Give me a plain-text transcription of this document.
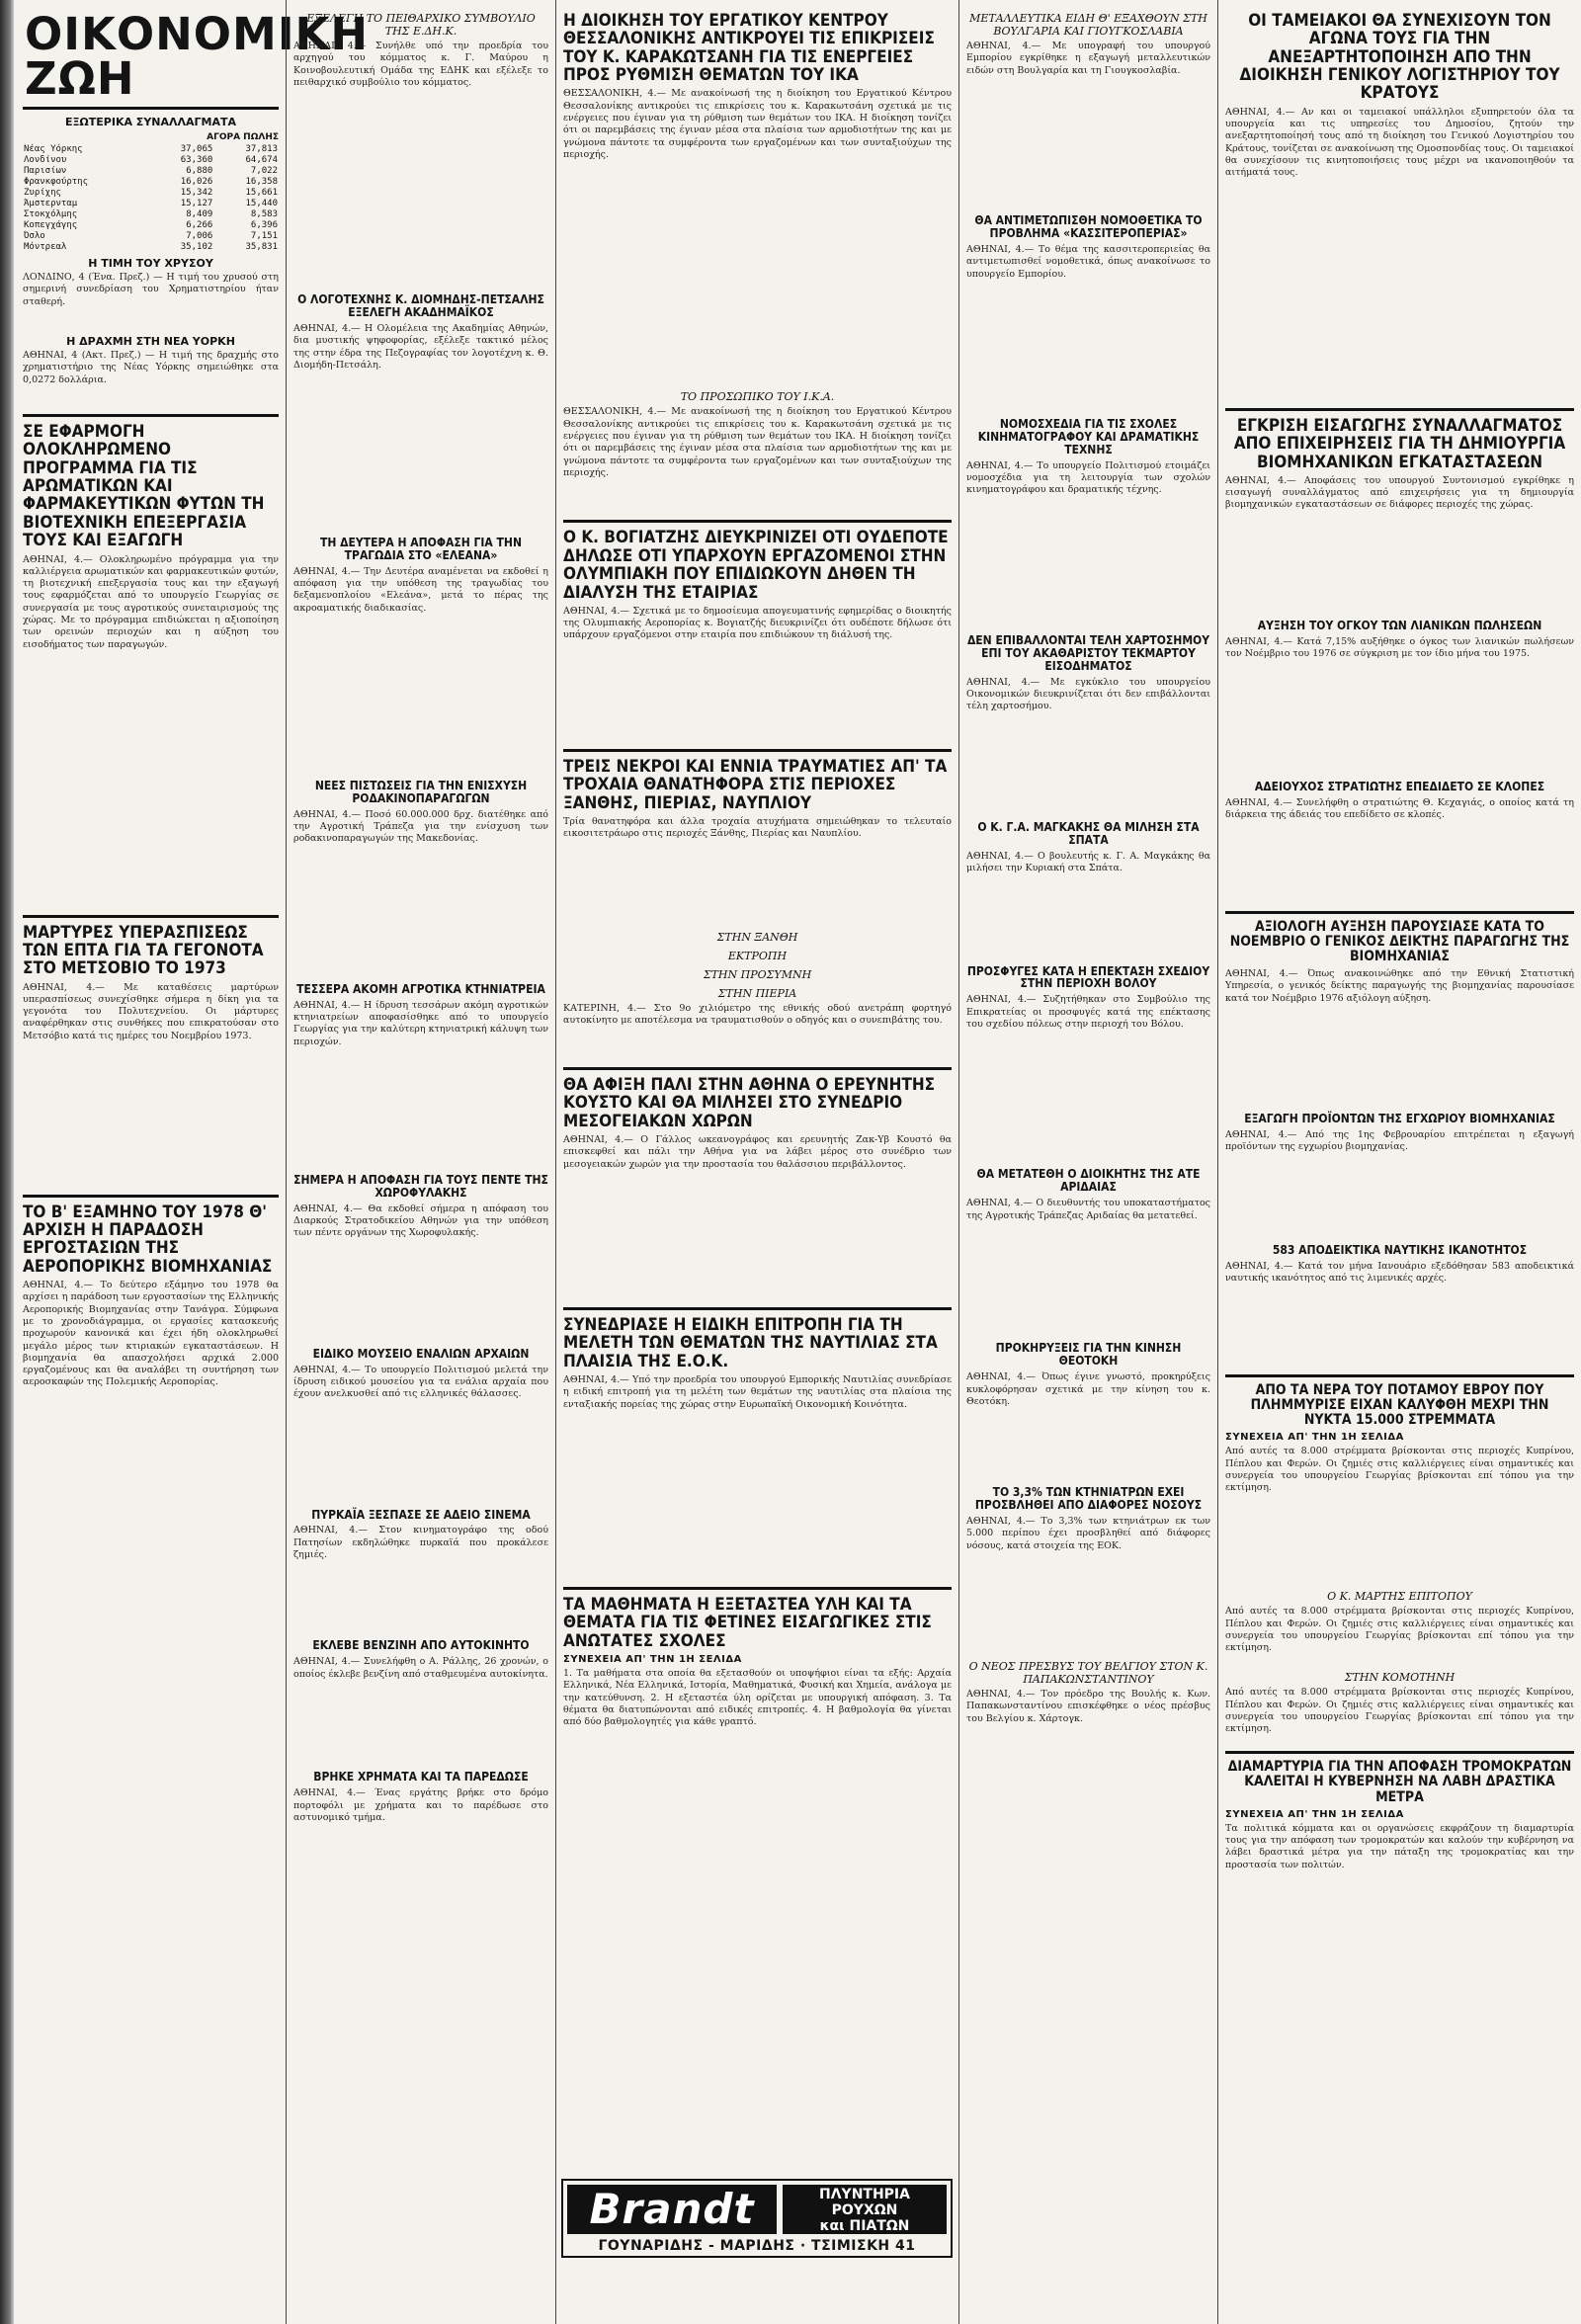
ΟΙΚΟΝΟΜΙΚΗ ΖΩΗ
ΕΞΩΤΕΡΙΚΑ ΣΥΝΑΛΛΑΓΜΑΤΑ
ΑΓΟΡΑ ΠΩΛΗΣ
Νέας Υόρκης	37,065	37,813
Λονδίνου	63,360	64,674
Παρισίων	6,880	7,022
Φρανκφούρτης	16,026	16,358
Ζυρίχης	15,342	15,661
Άμστερνταμ	15,127	15,440
Στοκχόλμης	8,409	8,583
Κοπεγχάγης	6,266	6,396
Όσλο	7,006	7,151
Μόντρεαλ	35,102	35,831
Η ΤΙΜΗ ΤΟΥ ΧΡΥΣΟΥ

ΛΟΝΔΙΝΟ, 4 (Ένα. Πρεζ.) — Η τιμή του χρυσού στη σημερινή συνεδρίαση του Χρηματιστηρίου ήταν σταθερή.

Η ΔΡΑΧΜΗ ΣΤΗ ΝΕΑ ΥΟΡΚΗ

ΑΘΗΝΑΙ, 4 (Ακτ. Πρεζ.) — Η τιμή της δραχμής στο χρηματιστήριο της Νέας Υόρκης σημειώθηκε στα 0,0272 δολλάρια.

ΣΕ ΕΦΑΡΜΟΓΗ ΟΛΟΚΛΗΡΩΜΕΝΟ ΠΡΟΓΡΑΜΜΑ ΓΙΑ ΤΙΣ ΑΡΩΜΑΤΙΚΩΝ ΚΑΙ ΦΑΡΜΑΚΕΥΤΙΚΩΝ ΦΥΤΩΝ ΤΗ ΒΙΟΤΕΧΝΙΚΗ ΕΠΕΞΕΡΓΑΣΙΑ ΤΟΥΣ ΚΑΙ ΕΞΑΓΩΓΗ

ΑΘΗΝΑΙ, 4.— Ολοκληρωμένο πρόγραμμα για την καλλιέργεια αρωματικών και φαρμακευτικών φυτών, τη βιοτεχνική επεξεργασία τους και την εξαγωγή τους εφαρμόζεται από το υπουργείο Γεωργίας σε συνεργασία με τους αγροτικούς συνεταιρισμούς της χώρας. Με το πρόγραμμα επιδιώκεται η αξιοποίηση των ορεινών περιοχών και η αύξηση του εισοδήματος των παραγωγών.

ΜΑΡΤΥΡΕΣ ΥΠΕΡΑΣΠΙΣΕΩΣ ΤΩΝ ΕΠΤΑ ΓΙΑ ΤΑ ΓΕΓΟΝΟΤΑ ΣΤΟ ΜΕΤΣΟΒΙΟ ΤΟ 1973

ΑΘΗΝΑΙ, 4.— Με καταθέσεις μαρτύρων υπερασπίσεως συνεχίσθηκε σήμερα η δίκη για τα γεγονότα του Πολυτεχνείου. Οι μάρτυρες αναφέρθηκαν στις συνθήκες που επικρατούσαν στο Μετσόβιο κατά τις ημέρες του Νοεμβρίου 1973.

ΤΟ Β' ΕΞΑΜΗΝΟ ΤΟΥ 1978 Θ' ΑΡΧΙΣΗ Η ΠΑΡΑΔΟΣΗ ΕΡΓΟΣΤΑΣΙΩΝ ΤΗΣ ΑΕΡΟΠΟΡΙΚΗΣ ΒΙΟΜΗΧΑΝΙΑΣ

ΑΘΗΝΑΙ, 4.— Το δεύτερο εξάμηνο του 1978 θα αρχίσει η παράδοση των εργοστασίων της Ελληνικής Αεροπορικής Βιομηχανίας στην Τανάγρα. Σύμφωνα με το χρονοδιάγραμμα, οι εργασίες κατασκευής προχωρούν κανονικά και έχει ήδη ολοκληρωθεί μεγάλο μέρος των κτιριακών εγκαταστάσεων. Η βιομηχανία θα απασχολήσει αρχικά 2.000 εργαζομένους και θα αναλάβει τη συντήρηση των αεροσκαφών της Πολεμικής Αεροπορίας.

ΕΞΕΛΕΓΗ ΤΟ ΠΕΙΘΑΡΧΙΚΟ ΣΥΜΒΟΥΛΙΟ ΤΗΣ Ε.ΔΗ.Κ.

ΑΘΗΝΑΙ, 4.— Συνήλθε υπό την προεδρία του αρχηγού του κόμματος κ. Γ. Μαύρου η Κοινοβουλευτική Ομάδα της ΕΔΗΚ και εξέλεξε το πειθαρχικό συμβούλιο του κόμματος.

Ο ΛΟΓΟΤΕΧΝΗΣ Κ. ΔΙΟΜΗΔΗΣ-ΠΕΤΣΑΛΗΣ ΕΞΕΛΕΓΗ ΑΚΑΔΗΜΑΪΚΟΣ

ΑΘΗΝΑΙ, 4.— Η Ολομέλεια της Ακαδημίας Αθηνών, δια μυστικής ψηφοφορίας, εξέλεξε τακτικό μέλος της στην έδρα της Πεζογραφίας τον λογοτέχνη κ. Θ. Διομήδη-Πετσάλη.

ΤΗ ΔΕΥΤΕΡΑ Η ΑΠΟΦΑΣΗ ΓΙΑ ΤΗΝ ΤΡΑΓΩΔΙΑ ΣΤΟ «ΕΛΕΑΝΑ»

ΑΘΗΝΑΙ, 4.— Την Δευτέρα αναμένεται να εκδοθεί η απόφαση για την υπόθεση της τραγωδίας του δεξαμενοπλοίου «Ελεάνα», μετά το πέρας της ακροαματικής διαδικασίας.

ΝΕΕΣ ΠΙΣΤΩΣΕΙΣ ΓΙΑ ΤΗΝ ΕΝΙΣΧΥΣΗ ΡΟΔΑΚΙΝΟΠΑΡΑΓΩΓΩΝ

ΑΘΗΝΑΙ, 4.— Ποσό 60.000.000 δρχ. διατέθηκε από την Αγροτική Τράπεζα για την ενίσχυση των ροδακινοπαραγωγών της Μακεδονίας.

ΤΕΣΣΕΡΑ ΑΚΟΜΗ ΑΓΡΟΤΙΚΑ ΚΤΗΝΙΑΤΡΕΙΑ

ΑΘΗΝΑΙ, 4.— Η ίδρυση τεσσάρων ακόμη αγροτικών κτηνιατρείων αποφασίσθηκε από το υπουργείο Γεωργίας για την καλύτερη κτηνιατρική κάλυψη των περιοχών.

ΣΗΜΕΡΑ Η ΑΠΟΦΑΣΗ ΓΙΑ ΤΟΥΣ ΠΕΝΤΕ ΤΗΣ ΧΩΡΟΦΥΛΑΚΗΣ

ΑΘΗΝΑΙ, 4.— Θα εκδοθεί σήμερα η απόφαση του Διαρκούς Στρατοδικείου Αθηνών για την υπόθεση των πέντε οργάνων της Χωροφυλακής.

ΕΙΔΙΚΟ ΜΟΥΣΕΙΟ ΕΝΑΛΙΩΝ ΑΡΧΑΙΩΝ

ΑΘΗΝΑΙ, 4.— Το υπουργείο Πολιτισμού μελετά την ίδρυση ειδικού μουσείου για τα ενάλια αρχαία που έχουν ανελκυσθεί από τις ελληνικές θάλασσες.

ΠΥΡΚΑΪΑ ΞΕΣΠΑΣΕ ΣΕ ΑΔΕΙΟ ΣΙΝΕΜΑ

ΑΘΗΝΑΙ, 4.— Στον κινηματογράφο της οδού Πατησίων εκδηλώθηκε πυρκαϊά που προκάλεσε ζημιές.

ΕΚΛΕΒΕ ΒΕΝΖΙΝΗ ΑΠΟ ΑΥΤΟΚΙΝΗΤΟ

ΑΘΗΝΑΙ, 4.— Συνελήφθη ο Α. Ράλλης, 26 χρονών, ο οποίος έκλεβε βενζίνη από σταθμευμένα αυτοκίνητα.

ΒΡΗΚΕ ΧΡΗΜΑΤΑ ΚΑΙ ΤΑ ΠΑΡΕΔΩΣΕ

ΑΘΗΝΑΙ, 4.— Ένας εργάτης βρήκε στο δρόμο πορτοφόλι με χρήματα και το παρέδωσε στο αστυνομικό τμήμα.

Η ΔΙΟΙΚΗΣΗ ΤΟΥ ΕΡΓΑΤΙΚΟΥ ΚΕΝΤΡΟΥ ΘΕΣΣΑΛΟΝΙΚΗΣ ΑΝΤΙΚΡΟΥΕΙ ΤΙΣ ΕΠΙΚΡΙΣΕΙΣ ΤΟΥ Κ. ΚΑΡΑΚΩΤΣΑΝΗ ΓΙΑ ΤΙΣ ΕΝΕΡΓΕΙΕΣ ΠΡΟΣ ΡΥΘΜΙΣΗ ΘΕΜΑΤΩΝ ΤΟΥ ΙΚΑ

ΘΕΣΣΑΛΟΝΙΚΗ, 4.— Με ανακοίνωσή της η διοίκηση του Εργατικού Κέντρου Θεσσαλονίκης αντικρούει τις επικρίσεις του κ. Καρακωτσάνη σχετικά με τις ενέργειες που έγιναν για τη ρύθμιση των θεμάτων του ΙΚΑ. Η διοίκηση τονίζει ότι οι παρεμβάσεις της έγιναν μέσα στα πλαίσια των αρμοδιοτήτων της και με γνώμονα πάντοτε τα συμφέροντα των εργαζομένων και των συνταξιούχων της περιοχής.

ΤΟ ΠΡΟΣΩΠΙΚΟ ΤΟΥ Ι.Κ.Α.

ΘΕΣΣΑΛΟΝΙΚΗ, 4.— Με ανακοίνωσή της η διοίκηση του Εργατικού Κέντρου Θεσσαλονίκης αντικρούει τις επικρίσεις του κ. Καρακωτσάνη σχετικά με τις ενέργειες που έγιναν για τη ρύθμιση των θεμάτων του ΙΚΑ. Η διοίκηση τονίζει ότι οι παρεμβάσεις της έγιναν μέσα στα πλαίσια των αρμοδιοτήτων της και με γνώμονα πάντοτε τα συμφέροντα των εργαζομένων και των συνταξιούχων της περιοχής.

Ο Κ. ΒΟΓΙΑΤΖΗΣ ΔΙΕΥΚΡΙΝΙΖΕΙ ΟΤΙ ΟΥΔΕΠΟΤΕ ΔΗΛΩΣΕ ΟΤΙ ΥΠΑΡΧΟΥΝ ΕΡΓΑΖΟΜΕΝΟΙ ΣΤΗΝ ΟΛΥΜΠΙΑΚΗ ΠΟΥ ΕΠΙΔΙΩΚΟΥΝ ΔΗΘΕΝ ΤΗ ΔΙΑΛΥΣΗ ΤΗΣ ΕΤΑΙΡΙΑΣ

ΑΘΗΝΑΙ, 4.— Σχετικά με το δημοσίευμα απογευματινής εφημερίδας ο διοικητής της Ολυμπιακής Αεροπορίας κ. Βογιατζής διευκρινίζει ότι ουδέποτε δήλωσε ότι υπάρχουν εργαζόμενοι στην εταιρία που επιδιώκουν τη διάλυσή της.

ΤΡΕΙΣ ΝΕΚΡΟΙ ΚΑΙ ΕΝΝΙΑ ΤΡΑΥΜΑΤΙΕΣ ΑΠ' ΤΑ ΤΡΟΧΑΙΑ ΘΑΝΑΤΗΦΟΡΑ ΣΤΙΣ ΠΕΡΙΟΧΕΣ ΞΑΝΘΗΣ, ΠΙΕΡΙΑΣ, ΝΑΥΠΛΙΟΥ

Τρία θανατηφόρα και άλλα τροχαία ατυχήματα σημειώθηκαν το τελευταίο εικοσιτετράωρο στις περιοχές Ξάνθης, Πιερίας και Ναυπλίου.

ΣΤΗΝ ΞΑΝΘΗ
ΕΚΤΡΟΠΗ
ΣΤΗΝ ΠΡΟΣΥΜΝΗ
ΣΤΗΝ ΠΙΕΡΙΑ

ΚΑΤΕΡΙΝΗ, 4.— Στο 9ο χιλιόμετρο της εθνικής οδού ανετράπη φορτηγό αυτοκίνητο με αποτέλεσμα να τραυματισθούν ο οδηγός και ο συνεπιβάτης του.

ΘΑ ΑΦΙΞΗ ΠΑΛΙ ΣΤΗΝ ΑΘΗΝΑ Ο ΕΡΕΥΝΗΤΗΣ ΚΟΥΣΤΟ ΚΑΙ ΘΑ ΜΙΛΗΣΕΙ ΣΤΟ ΣΥΝΕΔΡΙΟ ΜΕΣΟΓΕΙΑΚΩΝ ΧΩΡΩΝ

ΑΘΗΝΑΙ, 4.— Ο Γάλλος ωκεανογράφος και ερευνητής Ζακ-Υβ Κουστό θα επισκεφθεί και πάλι την Αθήνα για να λάβει μέρος στο συνέδριο των μεσογειακών χωρών για την προστασία του θαλάσσιου περιβάλλοντος.

ΣΥΝΕΔΡΙΑΣΕ Η ΕΙΔΙΚΗ ΕΠΙΤΡΟΠΗ ΓΙΑ ΤΗ ΜΕΛΕΤΗ ΤΩΝ ΘΕΜΑΤΩΝ ΤΗΣ ΝΑΥΤΙΛΙΑΣ ΣΤΑ ΠΛΑΙΣΙΑ ΤΗΣ Ε.Ο.Κ.

ΑΘΗΝΑΙ, 4.— Υπό την προεδρία του υπουργού Εμπορικής Ναυτιλίας συνεδρίασε η ειδική επιτροπή για τη μελέτη των θεμάτων της ναυτιλίας στα πλαίσια της ενταξιακής πορείας της χώρας στην Ευρωπαϊκή Οικονομική Κοινότητα.

ΤΑ ΜΑΘΗΜΑΤΑ Η ΕΞΕΤΑΣΤΕΑ ΥΛΗ ΚΑΙ ΤΑ ΘΕΜΑΤΑ ΓΙΑ ΤΙΣ ΦΕΤΙΝΕΣ ΕΙΣΑΓΩΓΙΚΕΣ ΣΤΙΣ ΑΝΩΤΑΤΕΣ ΣΧΟΛΕΣ
ΣΥΝΕΧΕΙΑ ΑΠ' ΤΗΝ 1Η ΣΕΛΙΔΑ

1. Τα μαθήματα στα οποία θα εξετασθούν οι υποψήφιοι είναι τα εξής: Αρχαία Ελληνικά, Νέα Ελληνικά, Ιστορία, Μαθηματικά, Φυσική και Χημεία, ανάλογα με την κατεύθυνση. 2. Η εξεταστέα ύλη ορίζεται με υπουργική απόφαση. 3. Τα θέματα θα διατυπώνονται από ειδικές επιτροπές. 4. Η βαθμολογία θα γίνεται από δύο βαθμολογητές για κάθε γραπτό.

ΜΕΤΑΛΛΕΥΤΙΚΑ ΕΙΔΗ Θ' ΕΞΑΧΘΟΥΝ ΣΤΗ ΒΟΥΛΓΑΡΙΑ ΚΑΙ ΓΙΟΥΓΚΟΣΛΑΒΙΑ

ΑΘΗΝΑΙ, 4.— Με υπογραφή του υπουργού Εμπορίου εγκρίθηκε η εξαγωγή μεταλλευτικών ειδών στη Βουλγαρία και τη Γιουγκοσλαβία.

ΘΑ ΑΝΤΙΜΕΤΩΠΙΣΘΗ ΝΟΜΟΘΕΤΙΚΑ ΤΟ ΠΡΟΒΛΗΜΑ «ΚΑΣΣΙΤΕΡΟΠΕΡΙΑΣ»

ΑΘΗΝΑΙ, 4.— Το θέμα της κασσιτεροπεριείας θα αντιμετωπισθεί νομοθετικά, όπως ανακοίνωσε το υπουργείο Εμπορίου.

ΝΟΜΟΣΧΕΔΙΑ ΓΙΑ ΤΙΣ ΣΧΟΛΕΣ ΚΙΝΗΜΑΤΟΓΡΑΦΟΥ ΚΑΙ ΔΡΑΜΑΤΙΚΗΣ ΤΕΧΝΗΣ

ΑΘΗΝΑΙ, 4.— Το υπουργείο Πολιτισμού ετοιμάζει νομοσχέδια για τη λειτουργία των σχολών κινηματογράφου και δραματικής τέχνης.

ΔΕΝ ΕΠΙΒΑΛΛΟΝΤΑΙ ΤΕΛΗ ΧΑΡΤΟΣΗΜΟΥ ΕΠΙ ΤΟΥ ΑΚΑΘΑΡΙΣΤΟΥ ΤΕΚΜΑΡΤΟΥ ΕΙΣΟΔΗΜΑΤΟΣ

ΑΘΗΝΑΙ, 4.— Με εγκύκλιο του υπουργείου Οικονομικών διευκρινίζεται ότι δεν επιβάλλονται τέλη χαρτοσήμου.

Ο Κ. Γ.Α. ΜΑΓΚΑΚΗΣ ΘΑ ΜΙΛΗΣΗ ΣΤΑ ΣΠΑΤΑ

ΑΘΗΝΑΙ, 4.— Ο βουλευτής κ. Γ. Α. Μαγκάκης θα μιλήσει την Κυριακή στα Σπάτα.

ΠΡΟΣΦΥΓΕΣ ΚΑΤΑ Η ΕΠΕΚΤΑΣΗ ΣΧΕΔΙΟΥ ΣΤΗΝ ΠΕΡΙΟΧΗ ΒΟΛΟΥ

ΑΘΗΝΑΙ, 4.— Συζητήθηκαν στο Συμβούλιο της Επικρατείας οι προσφυγές κατά της επέκτασης του σχεδίου πόλεως στην περιοχή του Βόλου.

ΘΑ ΜΕΤΑΤΕΘΗ Ο ΔΙΟΙΚΗΤΗΣ ΤΗΣ ΑΤΕ ΑΡΙΔΑΙΑΣ

ΑΘΗΝΑΙ, 4.— Ο διευθυντής του υποκαταστήματος της Αγροτικής Τράπεζας Αριδαίας θα μετατεθεί.

ΠΡΟΚΗΡΥΞΕΙΣ ΓΙΑ ΤΗΝ ΚΙΝΗΣΗ ΘΕΟΤΟΚΗ

ΑΘΗΝΑΙ, 4.— Όπως έγινε γνωστό, προκηρύξεις κυκλοφόρησαν σχετικά με την κίνηση του κ. Θεοτόκη.

ΤΟ 3,3% ΤΩΝ ΚΤΗΝΙΑΤΡΩΝ ΕΧΕΙ ΠΡΟΣΒΛΗΘΕΙ ΑΠΟ ΔΙΑΦΟΡΕΣ ΝΟΣΟΥΣ

ΑΘΗΝΑΙ, 4.— Το 3,3% των κτηνιάτρων εκ των 5.000 περίπου έχει προσβληθεί από διάφορες νόσους, κατά στοιχεία της ΕΟΚ.

Ο ΝΕΟΣ ΠΡΕΣΒΥΣ ΤΟΥ ΒΕΛΓΙΟΥ ΣΤΟΝ Κ. ΠΑΠΑΚΩΝΣΤΑΝΤΙΝΟΥ

ΑΘΗΝΑΙ, 4.— Τον πρόεδρο της Βουλής κ. Κων. Παπακωνσταντίνου επισκέφθηκε ο νέος πρέσβυς του Βελγίου κ. Χάρτογκ.

ΟΙ ΤΑΜΕΙΑΚΟΙ ΘΑ ΣΥΝΕΧΙΣΟΥΝ ΤΟΝ ΑΓΩΝΑ ΤΟΥΣ ΓΙΑ ΤΗΝ ΑΝΕΞΑΡΤΗΤΟΠΟΙΗΣΗ ΑΠΟ ΤΗΝ ΔΙΟΙΚΗΣΗ ΓΕΝΙΚΟΥ ΛΟΓΙΣΤΗΡΙΟΥ ΤΟΥ ΚΡΑΤΟΥΣ

ΑΘΗΝΑΙ, 4.— Αν και οι ταμειακοί υπάλληλοι εξυπηρετούν όλα τα υπουργεία και τις υπηρεσίες του Δημοσίου, ζητούν την ανεξαρτητοποίησή τους από τη διοίκηση του Γενικού Λογιστηρίου του Κράτους, τονίζεται σε ανακοίνωση της Ομοσπονδίας τους. Οι ταμειακοί θα συνεχίσουν τις κινητοποιήσεις τους μέχρι να ικανοποιηθούν τα αιτήματά τους.

ΕΓΚΡΙΣΗ ΕΙΣΑΓΩΓΗΣ ΣΥΝΑΛΛΑΓΜΑΤΟΣ ΑΠΟ ΕΠΙΧΕΙΡΗΣΕΙΣ ΓΙΑ ΤΗ ΔΗΜΙΟΥΡΓΙΑ ΒΙΟΜΗΧΑΝΙΚΩΝ ΕΓΚΑΤΑΣΤΑΣΕΩΝ

ΑΘΗΝΑΙ, 4.— Αποφάσεις του υπουργού Συντονισμού εγκρίθηκε η εισαγωγή συναλλάγματος από επιχειρήσεις για τη δημιουργία βιομηχανικών εγκαταστάσεων σε διάφορες περιοχές της χώρας.

ΑΥΞΗΣΗ ΤΟΥ ΟΓΚΟΥ ΤΩΝ ΛΙΑΝΙΚΩΝ ΠΩΛΗΣΕΩΝ

ΑΘΗΝΑΙ, 4.— Κατά 7,15% αυξήθηκε ο όγκος των λιανικών πωλήσεων τον Νοέμβριο του 1976 σε σύγκριση με τον ίδιο μήνα του 1975.

ΑΔΕΙΟΥΧΟΣ ΣΤΡΑΤΙΩΤΗΣ ΕΠΕΔΙΔΕΤΟ ΣΕ ΚΛΟΠΕΣ

ΑΘΗΝΑΙ, 4.— Συνελήφθη ο στρατιώτης Θ. Κεχαγιάς, ο οποίος κατά τη διάρκεια της άδειάς του επεδίδετο σε κλοπές.

ΑΞΙΟΛΟΓΗ ΑΥΞΗΣΗ ΠΑΡΟΥΣΙΑΣΕ ΚΑΤΑ ΤΟ ΝΟΕΜΒΡΙΟ Ο ΓΕΝΙΚΟΣ ΔΕΙΚΤΗΣ ΠΑΡΑΓΩΓΗΣ ΤΗΣ ΒΙΟΜΗΧΑΝΙΑΣ

ΑΘΗΝΑΙ, 4.— Όπως ανακοινώθηκε από την Εθνική Στατιστική Υπηρεσία, ο γενικός δείκτης παραγωγής της βιομηχανίας παρουσίασε κατά τον Νοέμβριο 1976 αξιόλογη αύξηση.

ΕΞΑΓΩΓΗ ΠΡΟΪΟΝΤΩΝ ΤΗΣ ΕΓΧΩΡΙΟΥ ΒΙΟΜΗΧΑΝΙΑΣ

ΑΘΗΝΑΙ, 4.— Από της 1ης Φεβρουαρίου επιτρέπεται η εξαγωγή προϊόντων της εγχωρίου βιομηχανίας.

583 ΑΠΟΔΕΙΚΤΙΚΑ ΝΑΥΤΙΚΗΣ ΙΚΑΝΟΤΗΤΟΣ

ΑΘΗΝΑΙ, 4.— Κατά τον μήνα Ιανουάριο εξεδόθησαν 583 αποδεικτικά ναυτικής ικανότητος από τις λιμενικές αρχές.

ΑΠΟ ΤΑ ΝΕΡΑ ΤΟΥ ΠΟΤΑΜΟΥ ΕΒΡΟΥ ΠΟΥ ΠΛΗΜΜΥΡΙΣΕ ΕΙΧΑΝ ΚΑΛΥΦΘΗ ΜΕΧΡΙ ΤΗΝ ΝΥΚΤΑ 15.000 ΣΤΡΕΜΜΑΤΑ
ΣΥΝΕΧΕΙΑ ΑΠ' ΤΗΝ 1Η ΣΕΛΙΔΑ

Από αυτές τα 8.000 στρέμματα βρίσκονται στις περιοχές Κυπρίνου, Πέπλου και Φερών. Οι ζημιές στις καλλιέργειες είναι σημαντικές και συνεργεία του υπουργείου Γεωργίας βρίσκονται επί τόπου για την εκτίμηση.

Ο Κ. ΜΑΡΤΗΣ ΕΠΙΤΟΠΟΥ

Από αυτές τα 8.000 στρέμματα βρίσκονται στις περιοχές Κυπρίνου, Πέπλου και Φερών. Οι ζημιές στις καλλιέργειες είναι σημαντικές και συνεργεία του υπουργείου Γεωργίας βρίσκονται επί τόπου για την εκτίμηση.

ΣΤΗΝ ΚΟΜΟΤΗΝΗ

Από αυτές τα 8.000 στρέμματα βρίσκονται στις περιοχές Κυπρίνου, Πέπλου και Φερών. Οι ζημιές στις καλλιέργειες είναι σημαντικές και συνεργεία του υπουργείου Γεωργίας βρίσκονται επί τόπου για την εκτίμηση.

ΔΙΑΜΑΡΤΥΡΙΑ ΓΙΑ ΤΗΝ ΑΠΟΦΑΣΗ ΤΡΟΜΟΚΡΑΤΩΝ ΚΑΛΕΙΤΑΙ Η ΚΥΒΕΡΝΗΣΗ ΝΑ ΛΑΒΗ ΔΡΑΣΤΙΚΑ ΜΕΤΡΑ
ΣΥΝΕΧΕΙΑ ΑΠ' ΤΗΝ 1Η ΣΕΛΙΔΑ

Τα πολιτικά κόμματα και οι οργανώσεις εκφράζουν τη διαμαρτυρία τους για την απόφαση των τρομοκρατών και καλούν την κυβέρνηση να λάβει δραστικά μέτρα για την πάταξη της τρομοκρατίας και την προστασία των πολιτών.

Brandt	ΠΛΥΝΤΗΡΙΑ
ΡΟΥΧΩΝ
και ΠΙΑΤΩΝ
ΓΟΥΝΑΡΙΔΗΣ - ΜΑΡΙΔΗΣ · ΤΣΙΜΙΣΚΗ 41
